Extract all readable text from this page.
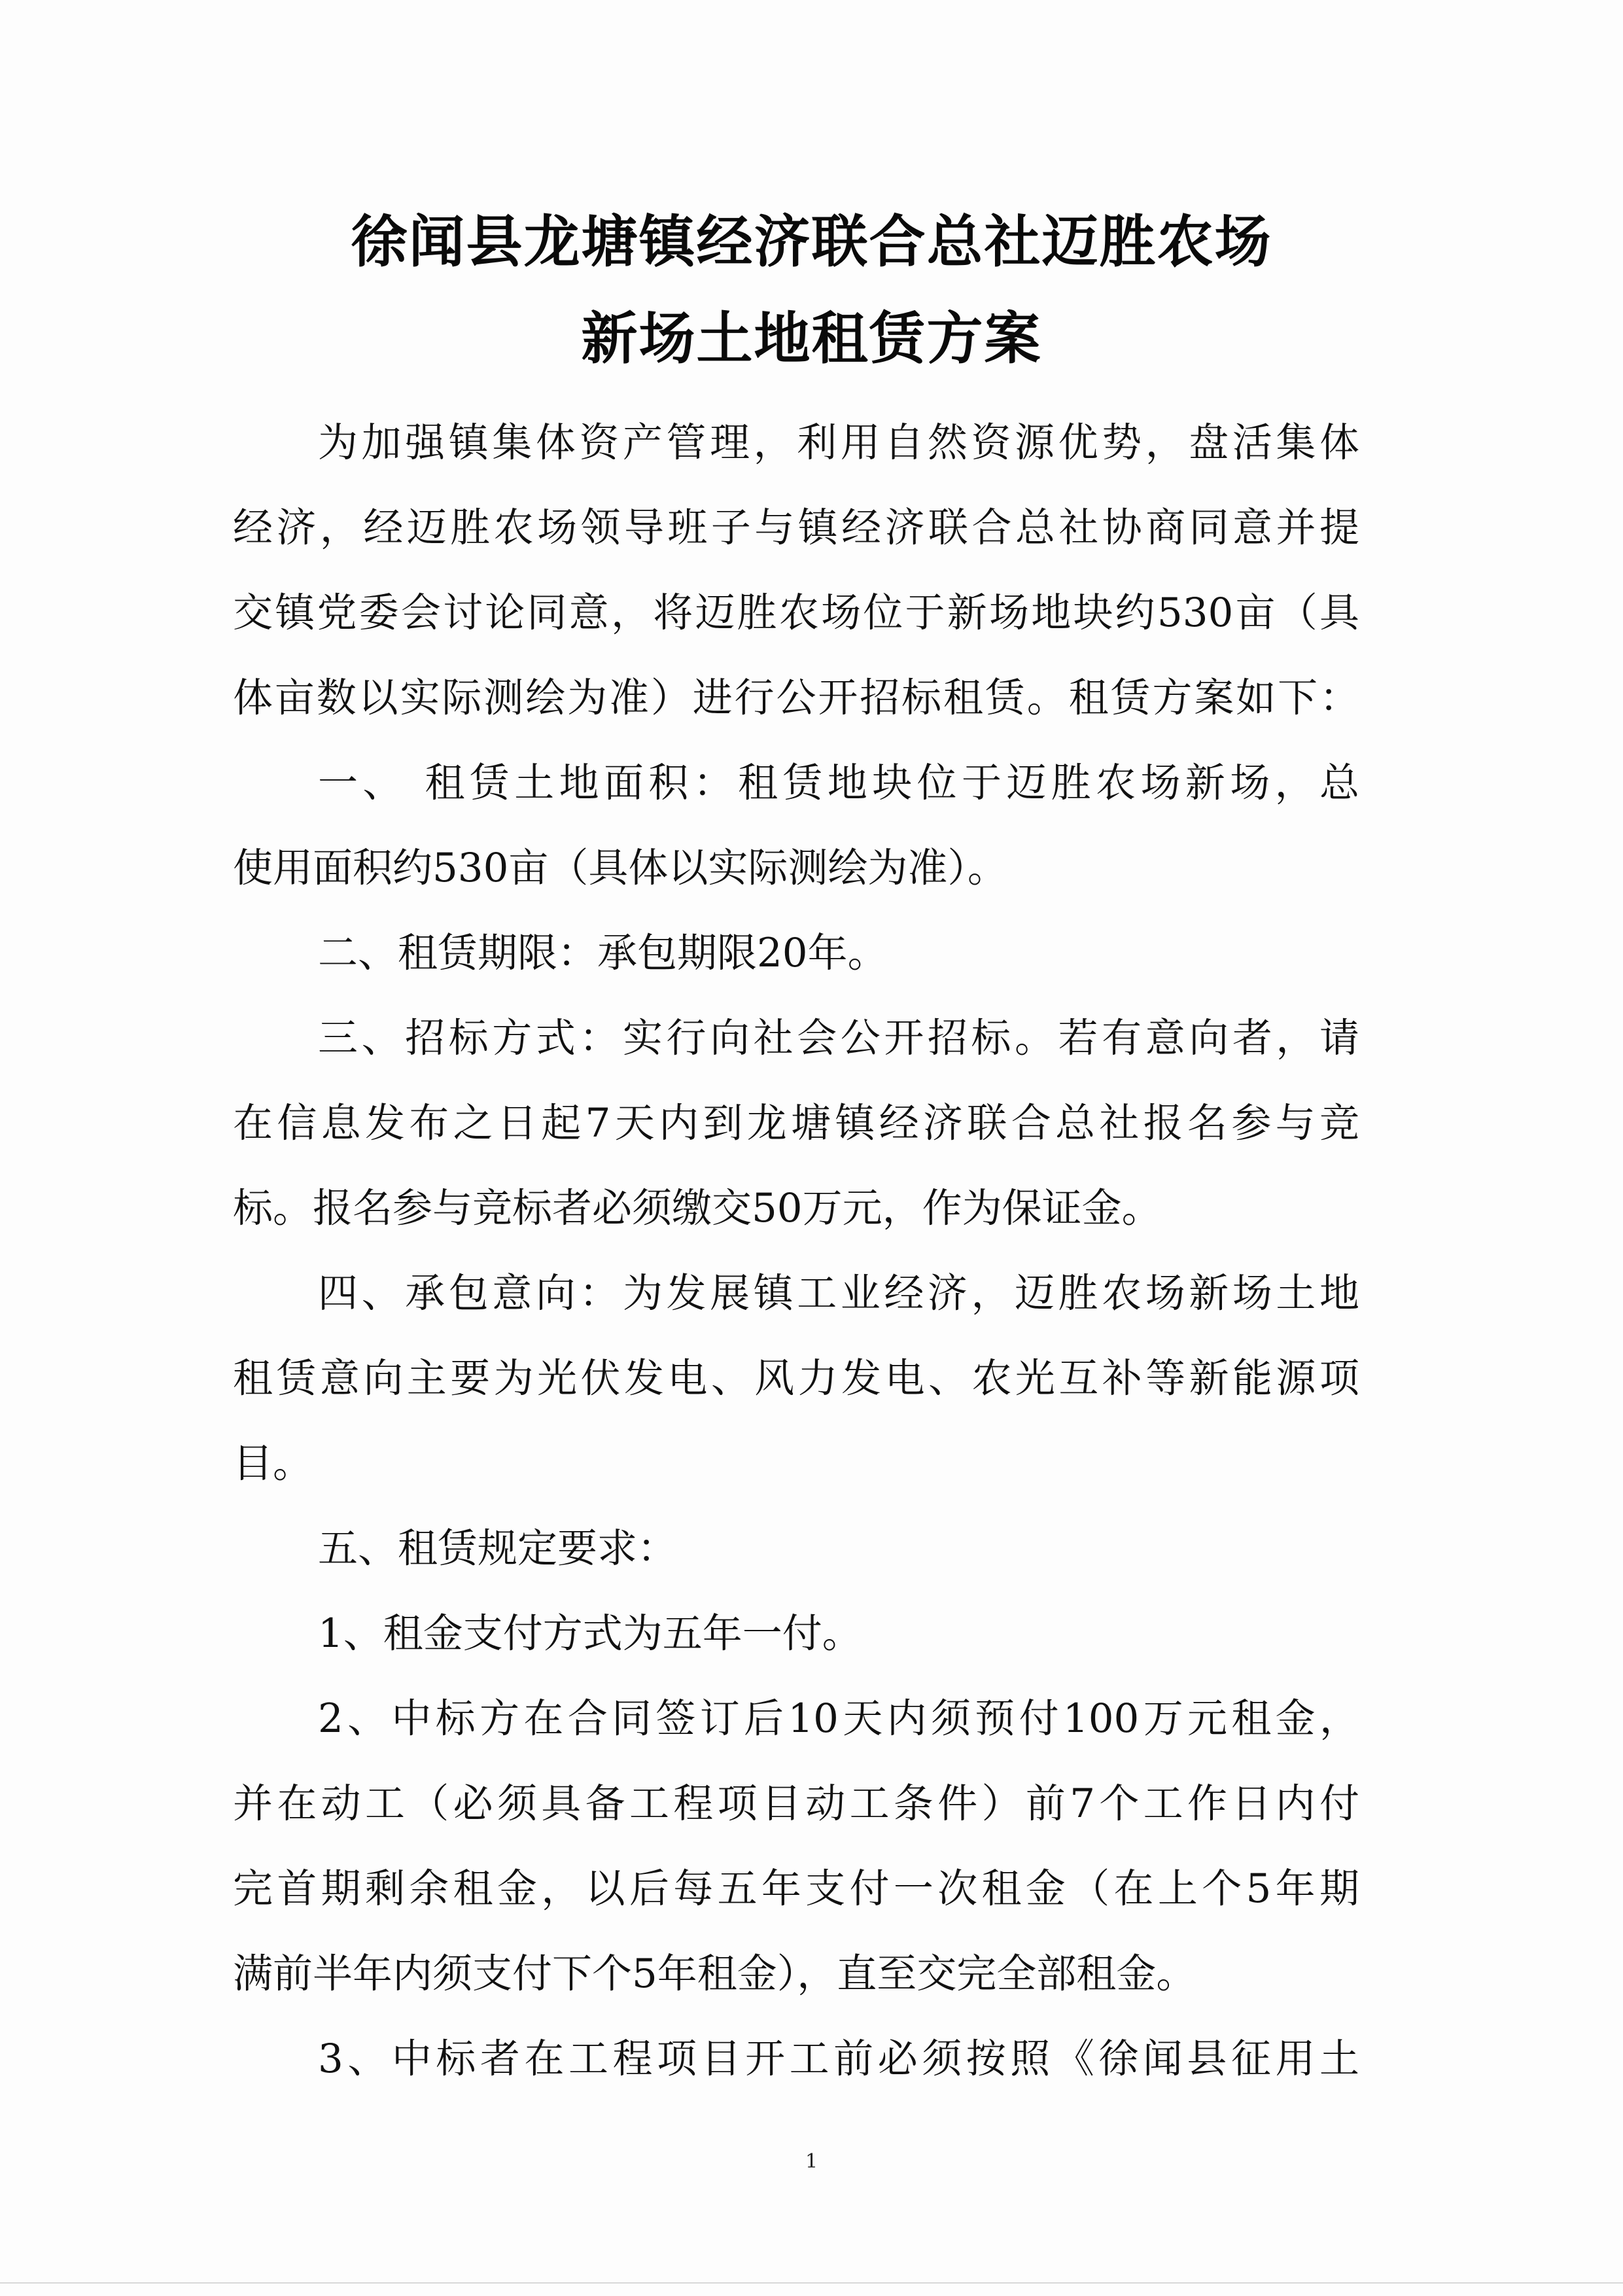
徐闻县龙塘镇经济联合总社迈胜农场
新场土地租赁方案
为加强镇集体资产管理，利用自然资源优势，盘活集体
经济，经迈胜农场领导班子与镇经济联合总社协商同意并提
交镇党委会讨论同意，将迈胜农场位于新场地块约530亩（具
体亩数以实际测绘为准）进行公开招标租赁。租赁方案如下：
一、 租赁土地面积：租赁地块位于迈胜农场新场，总
使用面积约530亩（具体以实际测绘为准）。
二、租赁期限：承包期限20年。
三、招标方式：实行向社会公开招标。若有意向者，请
在信息发布之日起7天内到龙塘镇经济联合总社报名参与竞
标。报名参与竞标者必须缴交50万元，作为保证金。
四、承包意向：为发展镇工业经济，迈胜农场新场土地
租赁意向主要为光伏发电、风力发电、农光互补等新能源项
目。
五、租赁规定要求：
1、租金支付方式为五年一付。
2、中标方在合同签订后10天内须预付100万元租金，
并在动工（必须具备工程项目动工条件）前7个工作日内付
完首期剩余租金，以后每五年支付一次租金（在上个5年期
满前半年内须支付下个5年租金），直至交完全部租金。
3、中标者在工程项目开工前必须按照《徐闻县征用土
1
